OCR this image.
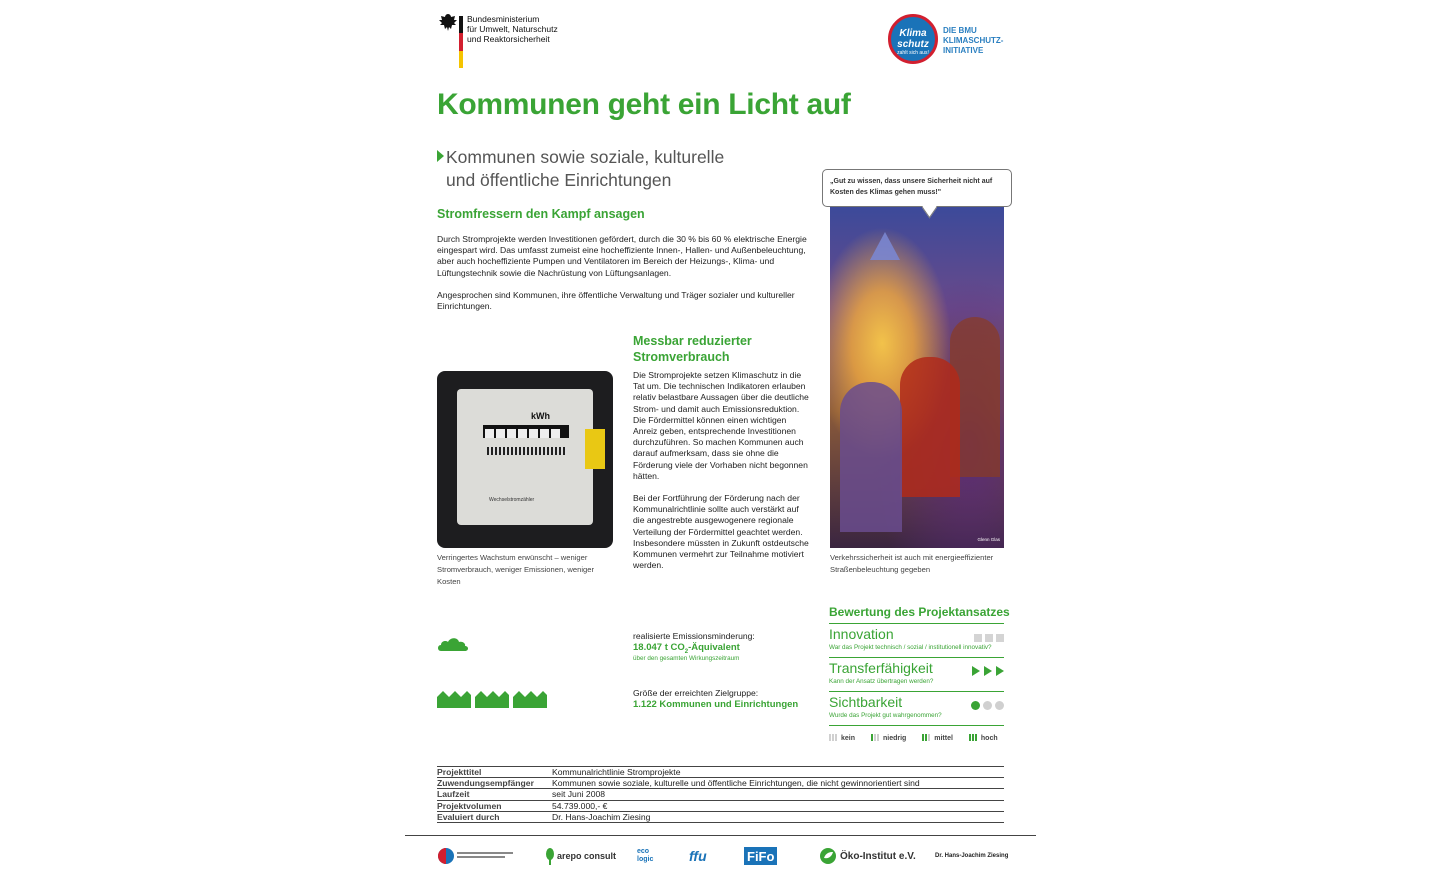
Bundesministerium
für Umwelt, Naturschutz
und Reaktorsicherheit	Klima
schutz
zahlt sich aus!
DIE BMU
KLIMASCHUTZ-
INITIATIVE
Kommunen geht ein Licht auf
Kommunen sowie soziale, kulturelle
und öffentliche Einrichtungen
Stromfressern den Kampf ansagen

Durch Stromprojekte werden Investitionen gefördert, durch die 30 % bis 60 % elektrische Energie eingespart wird. Das umfasst zumeist eine hocheffiziente Innen-, Hallen- und Außenbeleuchtung, aber auch hocheffiziente Pumpen und Ventilatoren im Bereich der Heizungs-, Klima- und Lüftungstechnik sowie die Nachrüstung von Lüftungsanlagen.

Angesprochen sind Kommunen, ihre öffentliche Verwaltung und Träger sozialer und kultureller Einrichtungen.

kWh
Wechselstromzähler
Verringertes Wachstum erwünscht – weniger Stromverbrauch, weniger Emissionen, weniger Kosten
Messbar reduzierter Stromverbrauch

Die Stromprojekte setzen Klimaschutz in die Tat um. Die technischen Indikatoren erlauben relativ belastbare Aussagen über die deutliche Strom- und damit auch Emissionsreduktion. Die Fördermittel können einen wichtigen Anreiz geben, entsprechende Investitionen durchzuführen. So machen Kommunen auch darauf aufmerksam, dass sie ohne die Förderung viele der Vorhaben nicht begonnen hätten.

Bei der Fortführung der Förderung nach der Kommunalrichtlinie sollte auch verstärkt auf die angestrebte ausgewogenere regionale Verteilung der Fördermittel geachtet werden. Insbesondere müssten in Zukunft ostdeutsche Kommunen vermehrt zur Teilnahme motiviert werden.

„Gut zu wissen, dass unsere Sicherheit nicht auf Kosten des Klimas gehen muss!"
Glenn Glas
Verkehrssicherheit ist auch mit energieeffizienter Straßenbeleuchtung gegeben
Bewertung des Projektansatzes
Innovation
War das Projekt technisch / sozial / institutionell innovativ?
Transferfähigkeit
Kann der Ansatz übertragen werden?
Sichtbarkeit
Wurde das Projekt gut wahrgenommen?
kein	niedrig	mittel	hoch
realisierte Emissionsminderung:
18.047 t $CO_2$-Äquivalent
über den gesamten Wirkungszeitraum
Größe der erreichten Zielgruppe:
1.122 Kommunen und Einrichtungen
Projekttitel	Kommunalrichtlinie Stromprojekte
Zuwendungsempfänger	Kommunen sowie soziale, kulturelle und öffentliche Einrichtungen, die nicht gewinnorientiert sind
Laufzeit	seit Juni 2008
Projektvolumen	54.739.000,- €
Evaluiert durch	Dr. Hans-Joachim Ziesing
arepo consult	eco logic	ffu	FiFo	Öko-Institut e.V.	Dr. Hans-Joachim Ziesing
